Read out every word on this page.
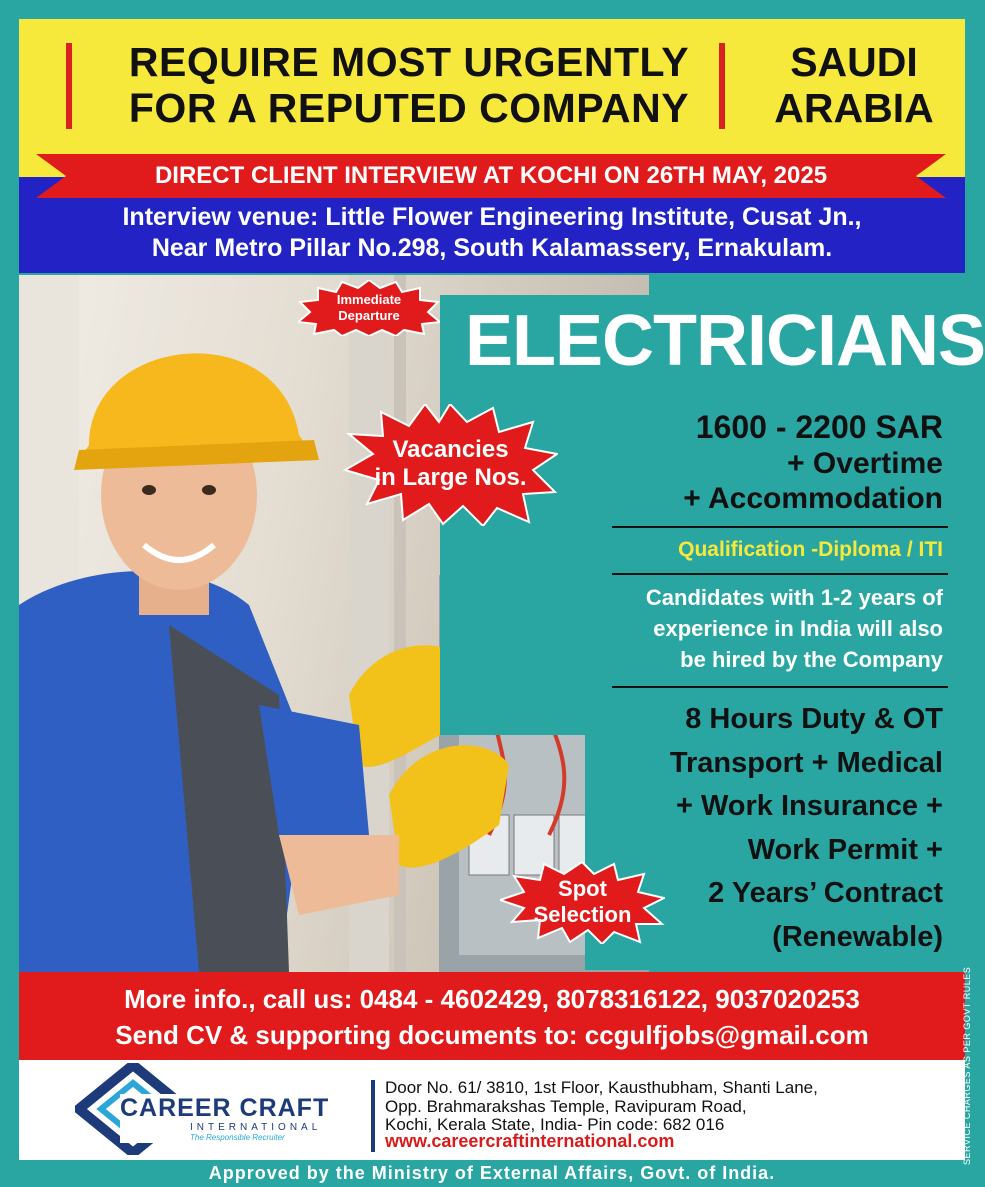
REQUIRE MOST URGENTLY
FOR A REPUTED COMPANY
SAUDI
ARABIA
DIRECT CLIENT INTERVIEW AT KOCHI ON 26TH MAY, 2025
Interview venue: Little Flower Engineering Institute, Cusat Jn.,
Near Metro Pillar No.298, South Kalamassery, Ernakulam.
Immediate
Departure
Vacancies
in Large Nos.
Spot
Selection
ELECTRICIANS
1600 - 2200 SAR
+ Overtime
+ Accommodation
Qualification -Diploma / ITI
Candidates with 1-2 years of
experience in India will also
be hired by the Company
8 Hours Duty & OT
Transport + Medical
+ Work Insurance +
Work Permit +
2 Years’ Contract
(Renewable)
More info., call us: 0484 - 4602429, 8078316122, 9037020253
Send CV & supporting documents to: ccgulfjobs@gmail.com
CAREER CRAFT
INTERNATIONAL
The Responsible Recruiter
Door No. 61/ 3810, 1st Floor, Kausthubham, Shanti Lane,
Opp. Brahmarakshas Temple, Ravipuram Road,
Kochi, Kerala State, India- Pin code: 682 016
www.careercraftinternational.com
Approved by the Ministry of External Affairs, Govt. of India.
SERVICE CHARGES AS PER GOVT RULES
